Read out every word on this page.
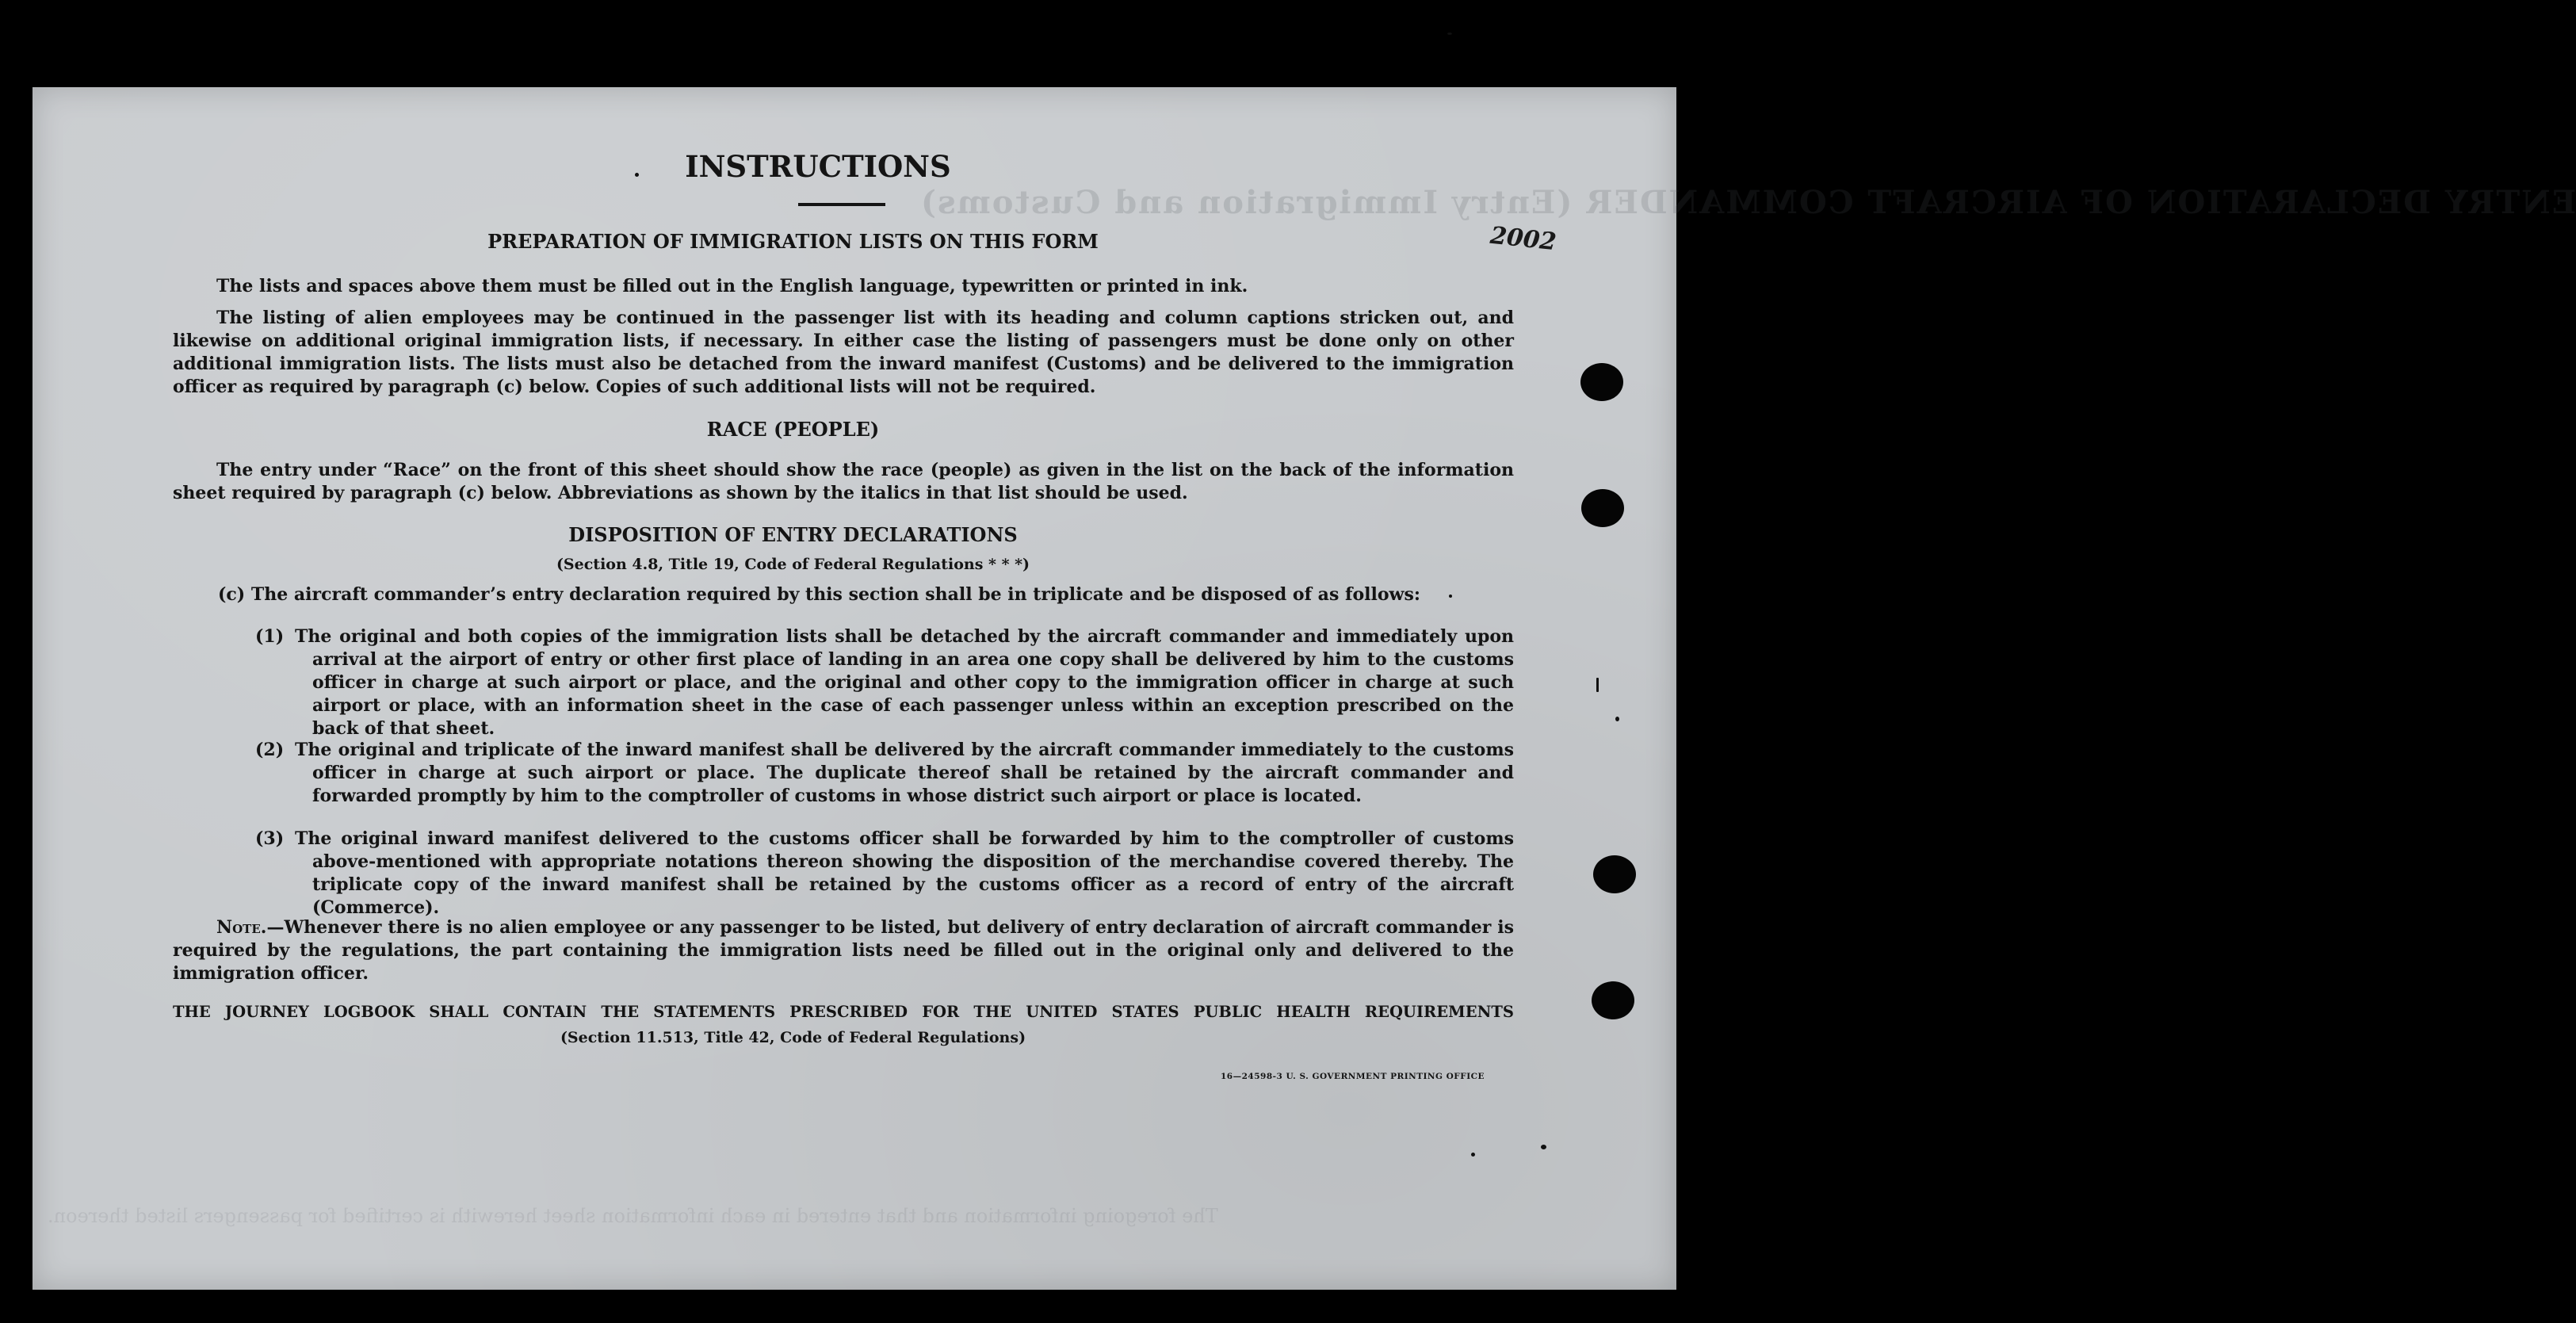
ENTRY DECLARATION OF AIRCRAFT COMMANDER (Entry Immigration and Customs)
INSTRUCTIONS
2002
PREPARATION OF IMMIGRATION LISTS ON THIS FORM

The lists and spaces above them must be filled out in the English language, typewritten or printed in ink.

The listing of alien employees may be continued in the passenger list with its heading and column captions stricken out, and likewise on additional original immigration lists, if necessary. In either case the listing of passengers must be done only on other additional immigration lists. The lists must also be detached from the inward manifest (Customs) and be delivered to the immigration officer as required by paragraph (c) below. Copies of such additional lists will not be required.

RACE (PEOPLE)

The entry under “Race” on the front of this sheet should show the race (people) as given in the list on the back of the information sheet required by paragraph (c) below. Abbreviations as shown by the italics in that list should be used.

DISPOSITION OF ENTRY DECLARATIONS
(Section 4.8, Title 19, Code of Federal Regulations * * *)

(c) The aircraft commander’s entry declaration required by this section shall be in triplicate and be disposed of as follows:

(1) The original and both copies of the immigration lists shall be detached by the aircraft commander and immediately upon arrival at the airport of entry or other first place of landing in an area one copy shall be delivered by him to the customs officer in charge at such airport or place, and the original and other copy to the immigration officer in charge at such airport or place, with an information sheet in the case of each passenger unless within an exception prescribed on the back of that sheet.
(2) The original and triplicate of the inward manifest shall be delivered by the aircraft commander immediately to the customs officer in charge at such airport or place. The duplicate thereof shall be retained by the aircraft commander and forwarded promptly by him to the comptroller of customs in whose district such airport or place is located.
(3) The original inward manifest delivered to the customs officer shall be forwarded by him to the comptroller of customs above-mentioned with appropriate notations thereon showing the disposition of the merchandise covered thereby. The triplicate copy of the inward manifest shall be retained by the customs officer as a record of entry of the aircraft (Commerce).

Note.—Whenever there is no alien employee or any passenger to be listed, but delivery of entry declaration of aircraft commander is required by the regulations, the part containing the immigration lists need be filled out in the original only and delivered to the immigration officer.

THE JOURNEY LOGBOOK SHALL CONTAIN THE STATEMENTS PRESCRIBED FOR THE UNITED STATES PUBLIC HEALTH REQUIREMENTS
(Section 11.513, Title 42, Code of Federal Regulations)
16—24598-3 U. S. GOVERNMENT PRINTING OFFICE
